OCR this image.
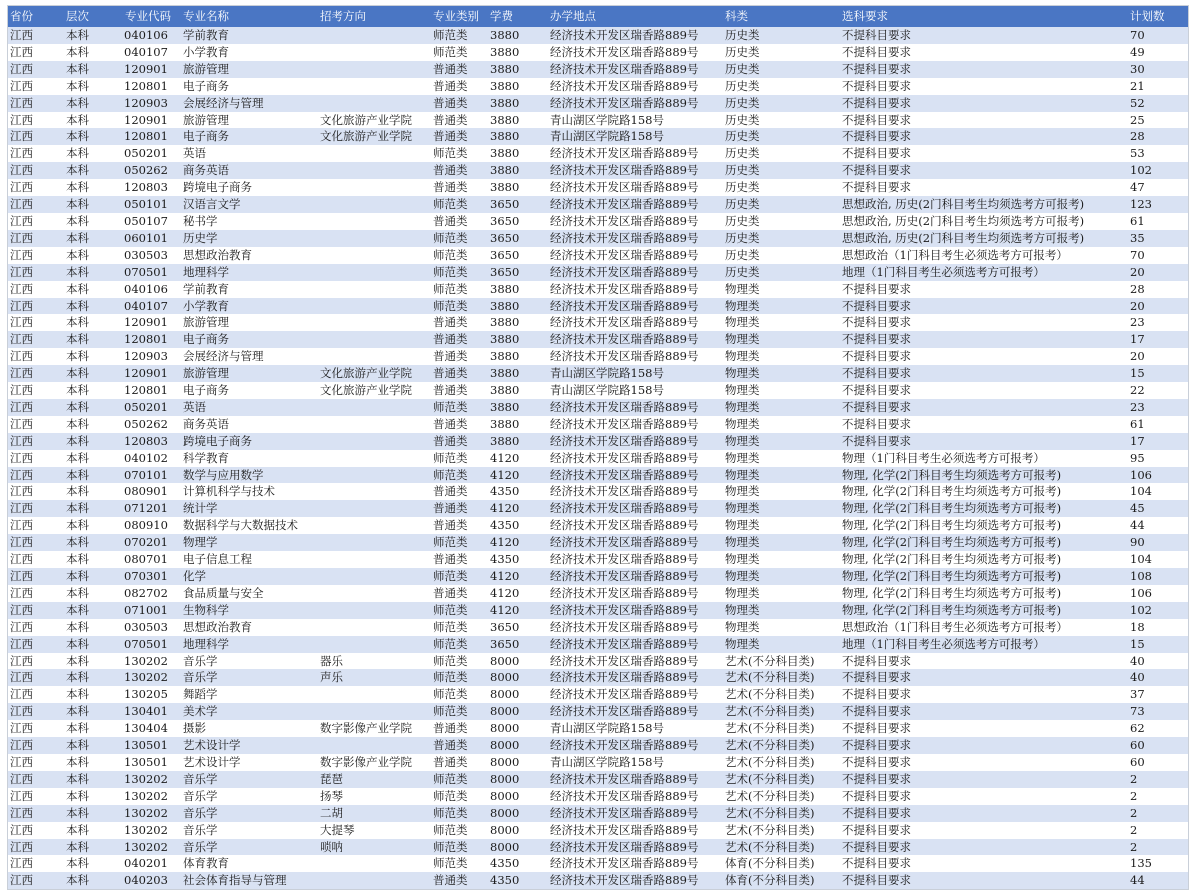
省份	层次	专业代码	专业名称	招考方向	专业类别	学费	办学地点	科类	选科要求	计划数
江西	本科	040106	学前教育		师范类	3880	经济技术开发区瑞香路889号	历史类	不提科目要求	70
江西	本科	040107	小学教育		师范类	3880	经济技术开发区瑞香路889号	历史类	不提科目要求	49
江西	本科	120901	旅游管理		普通类	3880	经济技术开发区瑞香路889号	历史类	不提科目要求	30
江西	本科	120801	电子商务		普通类	3880	经济技术开发区瑞香路889号	历史类	不提科目要求	21
江西	本科	120903	会展经济与管理		普通类	3880	经济技术开发区瑞香路889号	历史类	不提科目要求	52
江西	本科	120901	旅游管理	文化旅游产业学院	普通类	3880	青山湖区学院路158号	历史类	不提科目要求	25
江西	本科	120801	电子商务	文化旅游产业学院	普通类	3880	青山湖区学院路158号	历史类	不提科目要求	28
江西	本科	050201	英语		师范类	3880	经济技术开发区瑞香路889号	历史类	不提科目要求	53
江西	本科	050262	商务英语		普通类	3880	经济技术开发区瑞香路889号	历史类	不提科目要求	102
江西	本科	120803	跨境电子商务		普通类	3880	经济技术开发区瑞香路889号	历史类	不提科目要求	47
江西	本科	050101	汉语言文学		师范类	3650	经济技术开发区瑞香路889号	历史类	思想政治, 历史(2门科目考生均须选考方可报考)	123
江西	本科	050107	秘书学		普通类	3650	经济技术开发区瑞香路889号	历史类	思想政治, 历史(2门科目考生均须选考方可报考)	61
江西	本科	060101	历史学		师范类	3650	经济技术开发区瑞香路889号	历史类	思想政治, 历史(2门科目考生均须选考方可报考)	35
江西	本科	030503	思想政治教育		师范类	3650	经济技术开发区瑞香路889号	历史类	思想政治（1门科目考生必须选考方可报考）	70
江西	本科	070501	地理科学		师范类	3650	经济技术开发区瑞香路889号	历史类	地理（1门科目考生必须选考方可报考）	20
江西	本科	040106	学前教育		师范类	3880	经济技术开发区瑞香路889号	物理类	不提科目要求	28
江西	本科	040107	小学教育		师范类	3880	经济技术开发区瑞香路889号	物理类	不提科目要求	20
江西	本科	120901	旅游管理		普通类	3880	经济技术开发区瑞香路889号	物理类	不提科目要求	23
江西	本科	120801	电子商务		普通类	3880	经济技术开发区瑞香路889号	物理类	不提科目要求	17
江西	本科	120903	会展经济与管理		普通类	3880	经济技术开发区瑞香路889号	物理类	不提科目要求	20
江西	本科	120901	旅游管理	文化旅游产业学院	普通类	3880	青山湖区学院路158号	物理类	不提科目要求	15
江西	本科	120801	电子商务	文化旅游产业学院	普通类	3880	青山湖区学院路158号	物理类	不提科目要求	22
江西	本科	050201	英语		师范类	3880	经济技术开发区瑞香路889号	物理类	不提科目要求	23
江西	本科	050262	商务英语		普通类	3880	经济技术开发区瑞香路889号	物理类	不提科目要求	61
江西	本科	120803	跨境电子商务		普通类	3880	经济技术开发区瑞香路889号	物理类	不提科目要求	17
江西	本科	040102	科学教育		师范类	4120	经济技术开发区瑞香路889号	物理类	物理（1门科目考生必须选考方可报考）	95
江西	本科	070101	数学与应用数学		师范类	4120	经济技术开发区瑞香路889号	物理类	物理, 化学(2门科目考生均须选考方可报考)	106
江西	本科	080901	计算机科学与技术		普通类	4350	经济技术开发区瑞香路889号	物理类	物理, 化学(2门科目考生均须选考方可报考)	104
江西	本科	071201	统计学		普通类	4120	经济技术开发区瑞香路889号	物理类	物理, 化学(2门科目考生均须选考方可报考)	45
江西	本科	080910	数据科学与大数据技术		普通类	4350	经济技术开发区瑞香路889号	物理类	物理, 化学(2门科目考生均须选考方可报考)	44
江西	本科	070201	物理学		师范类	4120	经济技术开发区瑞香路889号	物理类	物理, 化学(2门科目考生均须选考方可报考)	90
江西	本科	080701	电子信息工程		普通类	4350	经济技术开发区瑞香路889号	物理类	物理, 化学(2门科目考生均须选考方可报考)	104
江西	本科	070301	化学		师范类	4120	经济技术开发区瑞香路889号	物理类	物理, 化学(2门科目考生均须选考方可报考)	108
江西	本科	082702	食品质量与安全		普通类	4120	经济技术开发区瑞香路889号	物理类	物理, 化学(2门科目考生均须选考方可报考)	106
江西	本科	071001	生物科学		师范类	4120	经济技术开发区瑞香路889号	物理类	物理, 化学(2门科目考生均须选考方可报考)	102
江西	本科	030503	思想政治教育		师范类	3650	经济技术开发区瑞香路889号	物理类	思想政治（1门科目考生必须选考方可报考）	18
江西	本科	070501	地理科学		师范类	3650	经济技术开发区瑞香路889号	物理类	地理（1门科目考生必须选考方可报考）	15
江西	本科	130202	音乐学	器乐	师范类	8000	经济技术开发区瑞香路889号	艺术(不分科目类)	不提科目要求	40
江西	本科	130202	音乐学	声乐	师范类	8000	经济技术开发区瑞香路889号	艺术(不分科目类)	不提科目要求	40
江西	本科	130205	舞蹈学		师范类	8000	经济技术开发区瑞香路889号	艺术(不分科目类)	不提科目要求	37
江西	本科	130401	美术学		师范类	8000	经济技术开发区瑞香路889号	艺术(不分科目类)	不提科目要求	73
江西	本科	130404	摄影	数字影像产业学院	普通类	8000	青山湖区学院路158号	艺术(不分科目类)	不提科目要求	62
江西	本科	130501	艺术设计学		普通类	8000	经济技术开发区瑞香路889号	艺术(不分科目类)	不提科目要求	60
江西	本科	130501	艺术设计学	数字影像产业学院	普通类	8000	青山湖区学院路158号	艺术(不分科目类)	不提科目要求	60
江西	本科	130202	音乐学	琵琶	师范类	8000	经济技术开发区瑞香路889号	艺术(不分科目类)	不提科目要求	2
江西	本科	130202	音乐学	扬琴	师范类	8000	经济技术开发区瑞香路889号	艺术(不分科目类)	不提科目要求	2
江西	本科	130202	音乐学	二胡	师范类	8000	经济技术开发区瑞香路889号	艺术(不分科目类)	不提科目要求	2
江西	本科	130202	音乐学	大提琴	师范类	8000	经济技术开发区瑞香路889号	艺术(不分科目类)	不提科目要求	2
江西	本科	130202	音乐学	唢呐	师范类	8000	经济技术开发区瑞香路889号	艺术(不分科目类)	不提科目要求	2
江西	本科	040201	体育教育		师范类	4350	经济技术开发区瑞香路889号	体育(不分科目类)	不提科目要求	135
江西	本科	040203	社会体育指导与管理		普通类	4350	经济技术开发区瑞香路889号	体育(不分科目类)	不提科目要求	44
